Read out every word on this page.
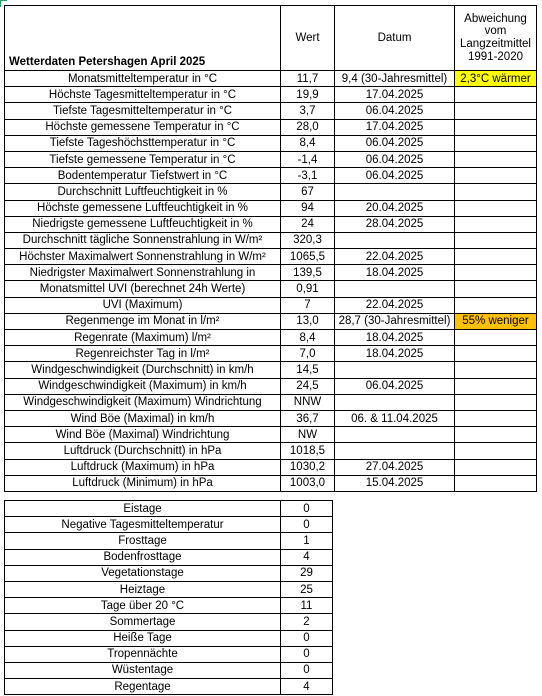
Wetterdaten Petershagen April 2025	Wert	Datum	Abweichung
vom
Langzeitmittel
1991-2020

Monatsmitteltemperatur in °C	11,7	9,4 (30-Jahresmittel)	2,3°C wärmer
Höchste Tagesmitteltemperatur in °C	19,9	17.04.2025	
Tiefste Tagesmitteltemperatur in °C	3,7	06.04.2025	
Höchste gemessene Temperatur in °C	28,0	17.04.2025	
Tiefste Tageshöchsttemperatur in °C	8,4	06.04.2025	
Tiefste gemessene Temperatur in °C	-1,4	06.04.2025	
Bodentemperatur Tiefstwert in °C	-3,1	06.04.2025	
Durchschnitt Luftfeuchtigkeit in %	67		
Höchste gemessene Luftfeuchtigkeit in %	94	20.04.2025	
Niedrigste gemessene Luftfeuchtigkeit in %	24	28.04.2025	
Durchschnitt tägliche Sonnenstrahlung in W/m²	320,3		
Höchster Maximalwert Sonnenstrahlung in W/m²	1065,5	22.04.2025	
Niedrigster Maximalwert Sonnenstrahlung in	139,5	18.04.2025	
Monatsmittel UVI (berechnet 24h Werte)	0,91		
UVI (Maximum)	7	22.04.2025	
Regenmenge im Monat in l/m²	13,0	28,7 (30-Jahresmittel)	55% weniger
Regenrate (Maximum) l/m²	8,4	18.04.2025	
Regenreichster Tag in l/m²	7,0	18.04.2025	
Windgeschwindigkeit (Durchschnitt) in km/h	14,5		
Windgeschwindigkeit (Maximum) in km/h	24,5	06.04.2025	
Windgeschwindigkeit (Maximum) Windrichtung	NNW		
Wind Böe (Maximal) in km/h	36,7	06. & 11.04.2025	
Wind Böe (Maximal) Windrichtung	NW		
Luftdruck (Durchschnitt) in hPa	1018,5		
Luftdruck (Maximum) in hPa	1030,2	27.04.2025	
Luftdruck (Minimum) in hPa	1003,0	15.04.2025	
Eistage	0
Negative Tagesmitteltemperatur	0
Frosttage	1
Bodenfrosttage	4
Vegetationstage	29
Heiztage	25
Tage über 20 °C	11
Sommertage	2
Heiße Tage	0
Tropennächte	0
Wüstentage	0
Regentage	4
